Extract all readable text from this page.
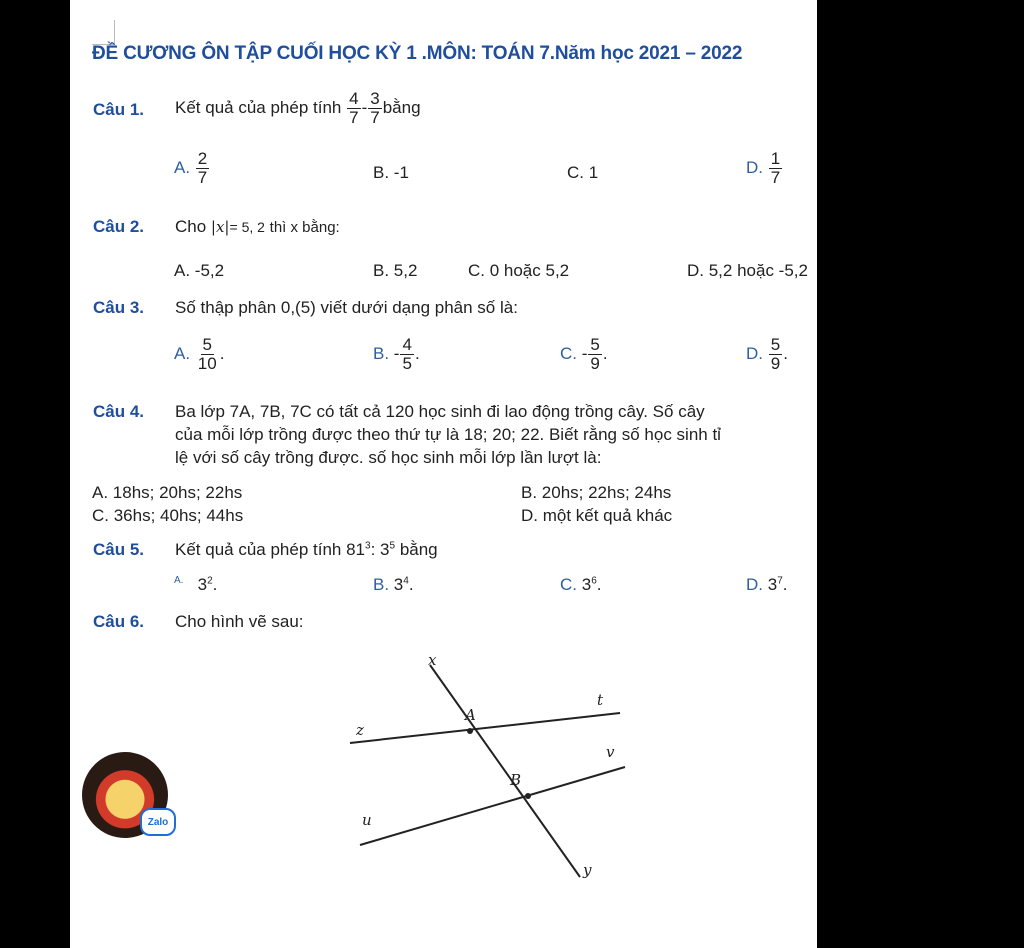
ĐỀ CƯƠNG ÔN TẬP CUỐI HỌC KỲ 1 .MÔN: TOÁN 7.Năm học 2021 – 2022
Câu 1. Kết quả của phép tính $\frac{4}{7} - \frac{3}{7}$ bằng
A. $\frac{2}{7}$	B. -1	C. 1	D. $\frac{1}{7}$
Câu 2. Cho |x|= 5, 2 thì x bằng:
A. -5,2	B. 5,2	C. 0 hoặc 5,2	D. 5,2 hoặc -5,2
Câu 3. Số thập phân 0,(5) viết dưới dạng phân số là:
A. $\frac{5}{10}$ .	B. - $\frac{4}{5}$ .	C. - $\frac{5}{9}$ .	D. $\frac{5}{9}$ .
Câu 4. Ba lớp 7A, 7B, 7C có tất cả 120 học sinh đi lao động trồng cây. Số cây
của mỗi lớp trồng được theo thứ tự là 18; 20; 22. Biết rằng số học sinh tỉ
lệ với số cây trồng được. số học sinh mỗi lớp lần lượt là:
A. 18hs; 20hs; 22hs	B. 20hs; 22hs; 24hs
C. 36hs; 40hs; 44hs	D. một kết quả khác
Câu 5. Kết quả của phép tính $81^3$: $3^5$ bằng
$^{A.}$ $3^2$.	B. $3^4$.	C. $3^6$.	D. $3^7$.
Câu 6. Cho hình vẽ sau:
x
t
A
z
v
B
u
y
Zalo
